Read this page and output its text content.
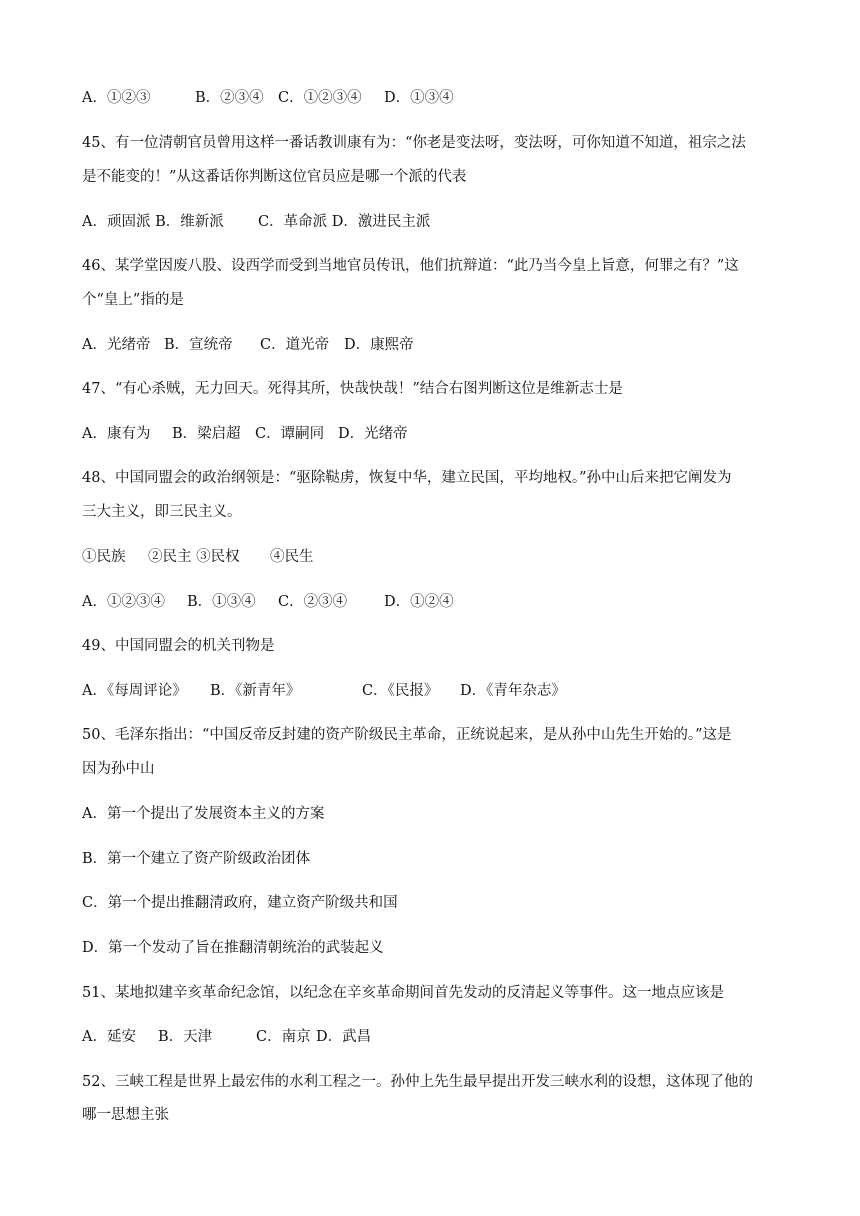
A．①②③	B．②③④ C．①②③④ D．①③④
45、有一位清朝官员曾用这样一番话教训康有为：“你老是变法呀，变法呀，可你知道不知道，祖宗之法
是不能变的！”从这番话你判断这位官员应是哪一个派的代表
A．顽固派 B．维新派 C．革命派 D．激进民主派
46、某学堂因废八股、设西学而受到当地官员传讯，他们抗辩道：“此乃当今皇上旨意，何罪之有？”这
个“皇上”指的是
A．光绪帝 B．宣统帝 C．道光帝 D．康熙帝
47、“有心杀贼，无力回天。死得其所，快哉快哉！”结合右图判断这位是维新志士是
A．康有为 B．梁启超 C．谭嗣同 D．光绪帝
48、中国同盟会的政治纲领是：“驱除鞑虏，恢复中华，建立民国，平均地权。”孙中山后来把它阐发为
三大主义，即三民主义。
①民族 ②民主 ③民权 ④民生
A．①②③④ B．①③④ C．②③④	D．①②④
49、中国同盟会的机关刊物是
A．《每周评论》 B．《新青年》	C．《民报》 D．《青年杂志》
50、毛泽东指出：“中国反帝反封建的资产阶级民主革命，正统说起来，是从孙中山先生开始的。”这是
因为孙中山
A．第一个提出了发展资本主义的方案
B．第一个建立了资产阶级政治团体
C．第一个提出推翻清政府，建立资产阶级共和国
D．第一个发动了旨在推翻清朝统治的武装起义
51、某地拟建辛亥革命纪念馆，以纪念在辛亥革命期间首先发动的反清起义等事件。这一地点应该是
A．延安 B．天津	C．南京 D．武昌
52、三峡工程是世界上最宏伟的水利工程之一。孙仲上先生最早提出开发三峡水利的设想，这体现了他的
哪一思想主张
